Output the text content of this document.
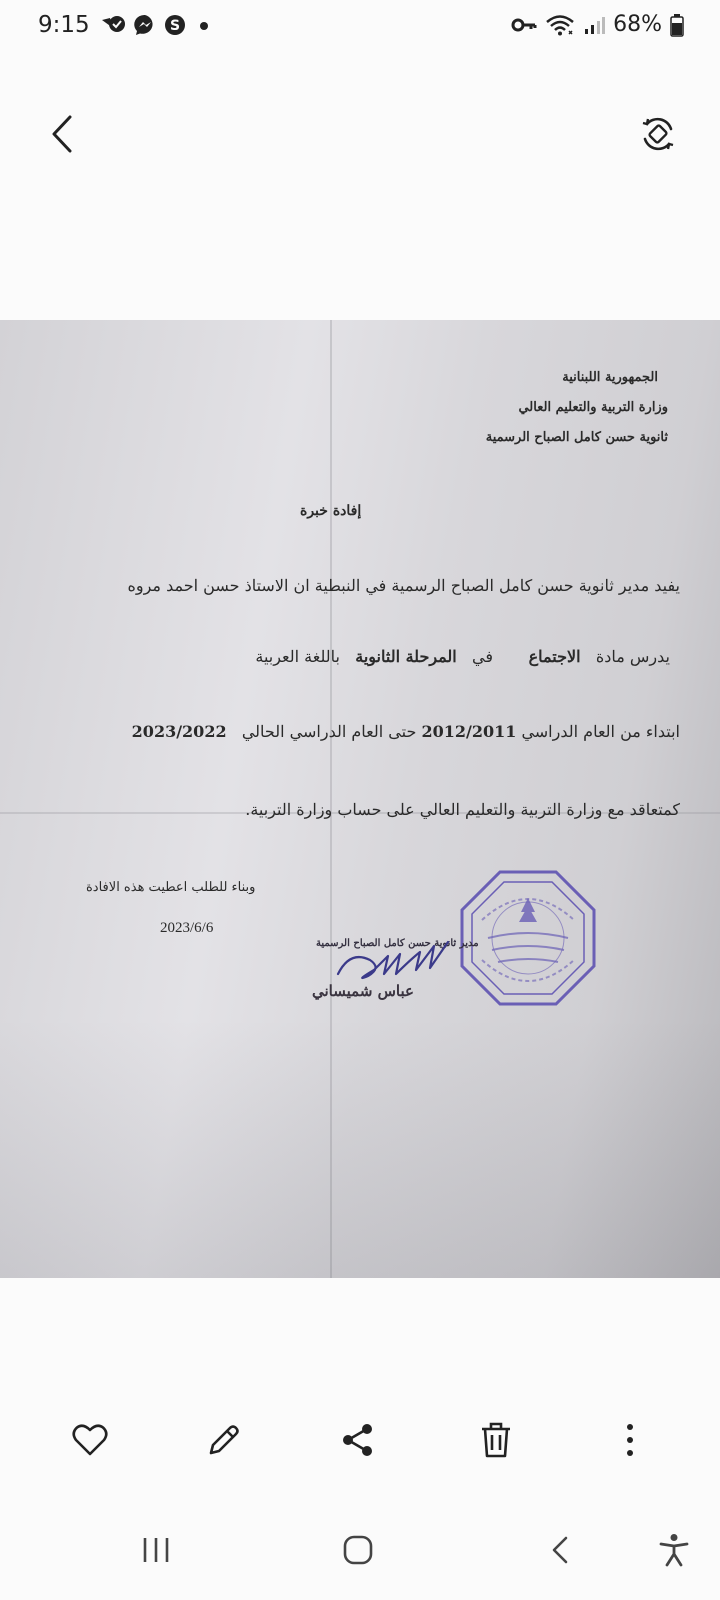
9:15	S	68%
الجمهورية اللبنانية
وزارة التربية والتعليم العالي
ثانوية حسن كامل الصباح الرسمية
إفادة خبرة
يفيد مدير ثانوية حسن كامل الصباح الرسمية في النبطية ان الاستاذ حسن احمد مروه
يدرس مادة   الاجتماع       في   المرحلة الثانوية   باللغة العربية
ابتداء من العام الدراسي 2012/2011 حتى العام الدراسي الحالي   2023/2022
كمتعاقد مع وزارة التربية والتعليم العالي على حساب وزارة التربية.
وبناء للطلب اعطيت هذه الافادة
2023/6/6
مدير ثانوية حسن كامل الصباح الرسمية
عباس شميساني
